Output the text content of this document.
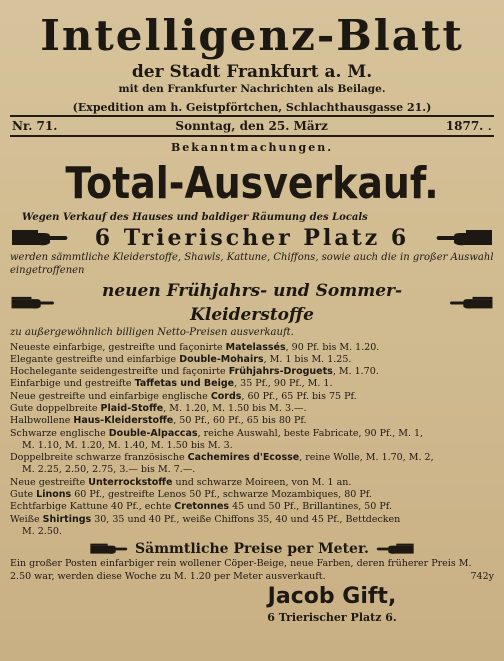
Intelligenz-Blatt
der Stadt Frankfurt a. M.
mit den Frankfurter Nachrichten als Beilage.
(Expedition am h. Geistpförtchen, Schlachthausgasse 21.)
Nr. 71.	Sonntag, den 25. März	1877. .
Bekanntmachungen.
Total-Ausverkauf.
Wegen Verkauf des Hauses und baldiger Räumung des Locals
6 Trierischer Platz 6
werden sämmtliche Kleiderstoffe, Shawls, Kattune, Chiffons, sowie auch die in großer Auswahl eingetroffenen
neuen Frühjahrs- und Sommer-Kleiderstoffe
zu außergewöhnlich billigen Netto-Preisen ausverkauft.
Neueste einfarbige, gestreifte und façonirte Matelassés, 90 Pf. bis M. 1.20.
Elegante gestreifte und einfarbige Double-Mohairs, M. 1 bis M. 1.25.
Hochelegante seidengestreifte und façonirte Frühjahrs-Droguets, M. 1.70.
Einfarbige und gestreifte Taffetas und Beige, 35 Pf., 90 Pf., M. 1.
Neue gestreifte und einfarbige englische Cords, 60 Pf., 65 Pf. bis 75 Pf.
Gute doppelbreite Plaid-Stoffe, M. 1.20, M. 1.50 bis M. 3.—.
Halbwollene Haus-Kleiderstoffe, 50 Pf., 60 Pf., 65 bis 80 Pf.
Schwarze englische Double-Alpaccas, reiche Auswahl, beste Fabricate, 90 Pf., M. 1,
M. 1.10, M. 1.20, M. 1.40, M. 1.50 bis M. 3.
Doppelbreite schwarze französische Cachemires d'Ecosse, reine Wolle, M. 1.70, M. 2,
M. 2.25, 2.50, 2.75, 3.— bis M. 7.—.
Neue gestreifte Unterrockstoffe und schwarze Moireen, von M. 1 an.
Gute Linons 60 Pf., gestreifte Lenos 50 Pf., schwarze Mozambiques, 80 Pf.
Echtfarbige Kattune 40 Pf., echte Cretonnes 45 und 50 Pf., Brillantines, 50 Pf.
Weiße Shirtings 30, 35 und 40 Pf., weiße Chiffons 35, 40 und 45 Pf., Bettdecken
M. 2.50.
Sämmtliche Preise per Meter.
Ein großer Posten einfarbiger rein wollener Cöper-Beige, neue Farben, deren früherer Preis M. 2.50 war, werden diese Woche zu M. 1.20 per Meter ausverkauft.	742y
Jacob Gift,
6 Trierischer Platz 6.
